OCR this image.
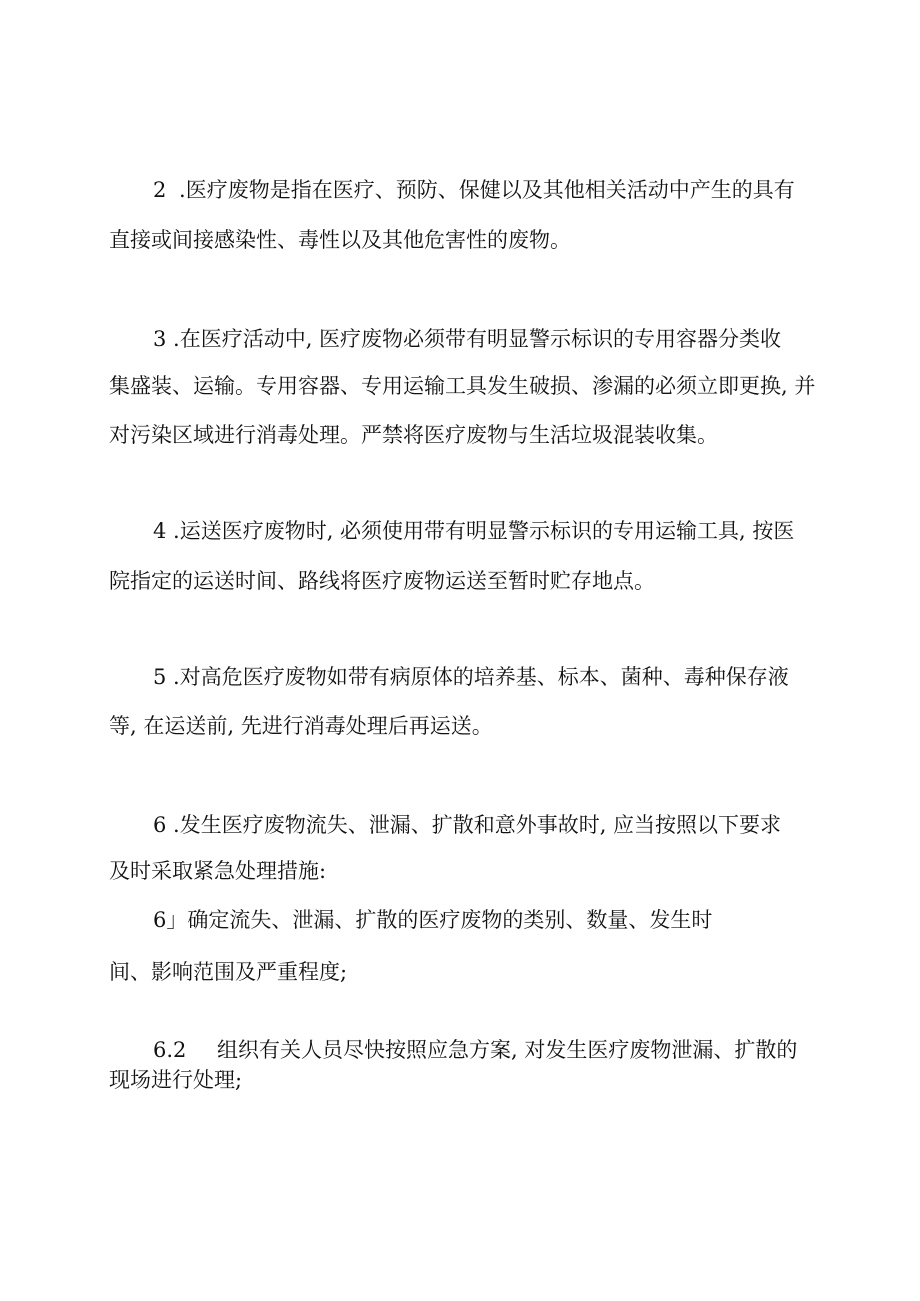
2 .医疗废物是指在医疗、预防、保健以及其他相关活动中产生的具有
直接或间接感染性、毒性以及其他危害性的废物。
3 .在医疗活动中, 医疗废物必须带有明显警示标识的专用容器分类收
集盛装、运输。专用容器、专用运输工具发生破损、渗漏的必须立即更换, 并
对污染区域进行消毒处理。严禁将医疗废物与生活垃圾混装收集。
4 .运送医疗废物时, 必须使用带有明显警示标识的专用运输工具, 按医
院指定的运送时间、路线将医疗废物运送至暂时贮存地点。
5 .对高危医疗废物如带有病原体的培养基、标本、菌种、毒种保存液
等, 在运送前, 先进行消毒处理后再运送。
6 .发生医疗废物流失、泄漏、扩散和意外事故时, 应当按照以下要求
及时采取紧急处理措施:
6」确定流失、泄漏、扩散的医疗废物的类别、数量、发生时
间、影响范围及严重程度;
6.2 组织有关人员尽快按照应急方案, 对发生医疗废物泄漏、扩散的
现场进行处理;
